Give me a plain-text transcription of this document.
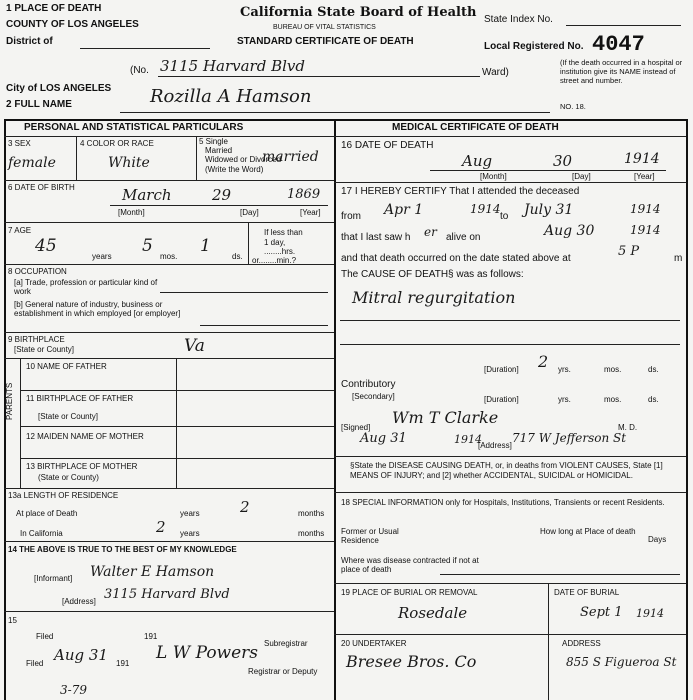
1 PLACE OF DEATH
COUNTY OF LOS ANGELES
District of
California State Board of Health
BUREAU OF VITAL STATISTICS
STANDARD CERTIFICATE OF DEATH
State Index No.
Local Registered No. 4047
(No. 3115 Harvard Blvd	Ward)
(If the death occurred in a hospital or institution give its NAME instead of street and number.
NO. 18.
City of LOS ANGELES
2 FULL NAME	Rozilla A Hamson
PERSONAL AND STATISTICAL PARTICULARS
3 SEX
female
4 COLOR OR RACE
White
5 Single
Married
Widowed or Divorced
(Write the Word)
married
6 DATE OF BIRTH	March	29	1869
[Month]	[Day]	[Year]
7 AGE
45
years
5
mos.
1
ds.
If less than
1 day,
........hrs.
or........min.?
8 OCCUPATION
[a] Trade, profession or particular kind of work
[b] General nature of industry, business or establishment in which employed [or employer]
9 BIRTHPLACE
[State or County]	Va
PARENTS
10 NAME OF FATHER
11 BIRTHPLACE OF FATHER
[State or County]
12 MAIDEN NAME OF MOTHER
13 BIRTHPLACE OF MOTHER
(State or County)
13a LENGTH OF RESIDENCE
At place of Death	years	2	months
In California	2 years	months
14 THE ABOVE IS TRUE TO THE BEST OF MY KNOWLEDGE
[Informant] Walter E Hamson
[Address] 3115 Harvard Blvd
15
Filed	191
Subregistrar
Filed Aug 31 191
L W Powers
Registrar or Deputy
3-79
MEDICAL CERTIFICATE OF DEATH
16 DATE OF DEATH
Aug	30	1914
[Month]	[Day]	[Year]
17 I HEREBY CERTIFY That I attended the deceased
from Apr 1	1914
to July 31	1914
that I last saw h er alive on	Aug 30	1914
and that death occurred on the date stated above at	5 P	m
The CAUSE OF DEATH§ was as follows:
Mitral regurgitation
[Duration] 2 yrs.	mos.	ds.
Contributory
[Secondary]	[Duration]	yrs.	mos.	ds.
[Signed]
Wm T Clarke
M. D.
Aug 31	1914
[Address]
717 W Jefferson St
§State the DISEASE CAUSING DEATH, or, in deaths from VIOLENT CAUSES, State [1] MEANS OF INJURY; and [2] whether ACCIDENTAL, SUICIDAL or HOMICIDAL.
18 SPECIAL INFORMATION only for Hospitals, Institutions, Transients or recent Residents.
Former or Usual Residence
How long at Place of death
Days
Where was disease contracted if not at place of death
19 PLACE OF BURIAL OR REMOVAL	DATE OF BURIAL
Rosedale	Sept 1 1914
20 UNDERTAKER	ADDRESS
Bresee Bros. Co	855 S Figueroa St
